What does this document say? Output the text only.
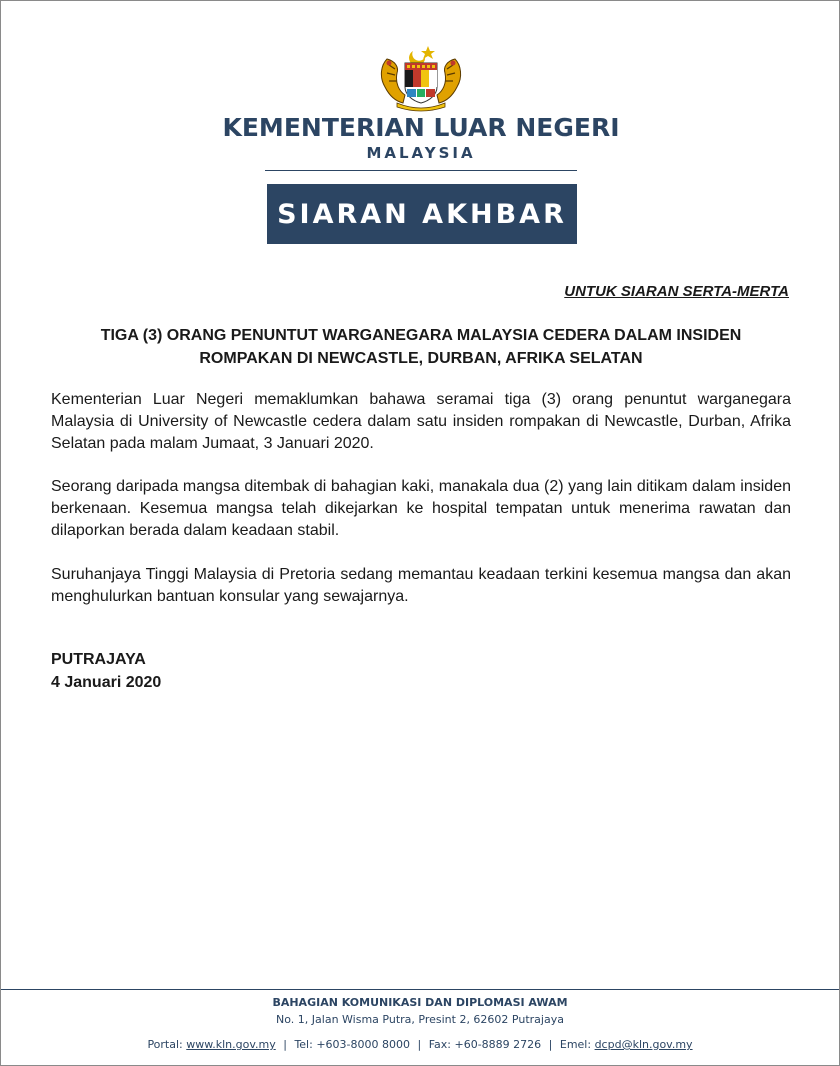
KEMENTERIAN LUAR NEGERI
MALAYSIA
SIARAN AKHBAR
UNTUK SIARAN SERTA-MERTA
TIGA (3) ORANG PENUNTUT WARGANEGARA MALAYSIA CEDERA DALAM INSIDEN
ROMPAKAN DI NEWCASTLE, DURBAN, AFRIKA SELATAN

Kementerian Luar Negeri memaklumkan bahawa seramai tiga (3) orang penuntut warganegara Malaysia di University of Newcastle cedera dalam satu insiden rompakan di Newcastle, Durban, Afrika Selatan pada malam Jumaat, 3 Januari 2020.

Seorang daripada mangsa ditembak di bahagian kaki, manakala dua (2) yang lain ditikam dalam insiden berkenaan. Kesemua mangsa telah dikejarkan ke hospital tempatan untuk menerima rawatan dan dilaporkan berada dalam keadaan stabil.

Suruhanjaya Tinggi Malaysia di Pretoria sedang memantau keadaan terkini kesemua mangsa dan akan menghulurkan bantuan konsular yang sewajarnya.

PUTRAJAYA
4 Januari 2020
BAHAGIAN KOMUNIKASI DAN DIPLOMASI AWAM
No. 1, Jalan Wisma Putra, Presint 2, 62602 Putrajaya
Portal: www.kln.gov.my | Tel: +603-8000 8000 | Fax: +60-8889 2726 | Emel: dcpd@kln.gov.my
